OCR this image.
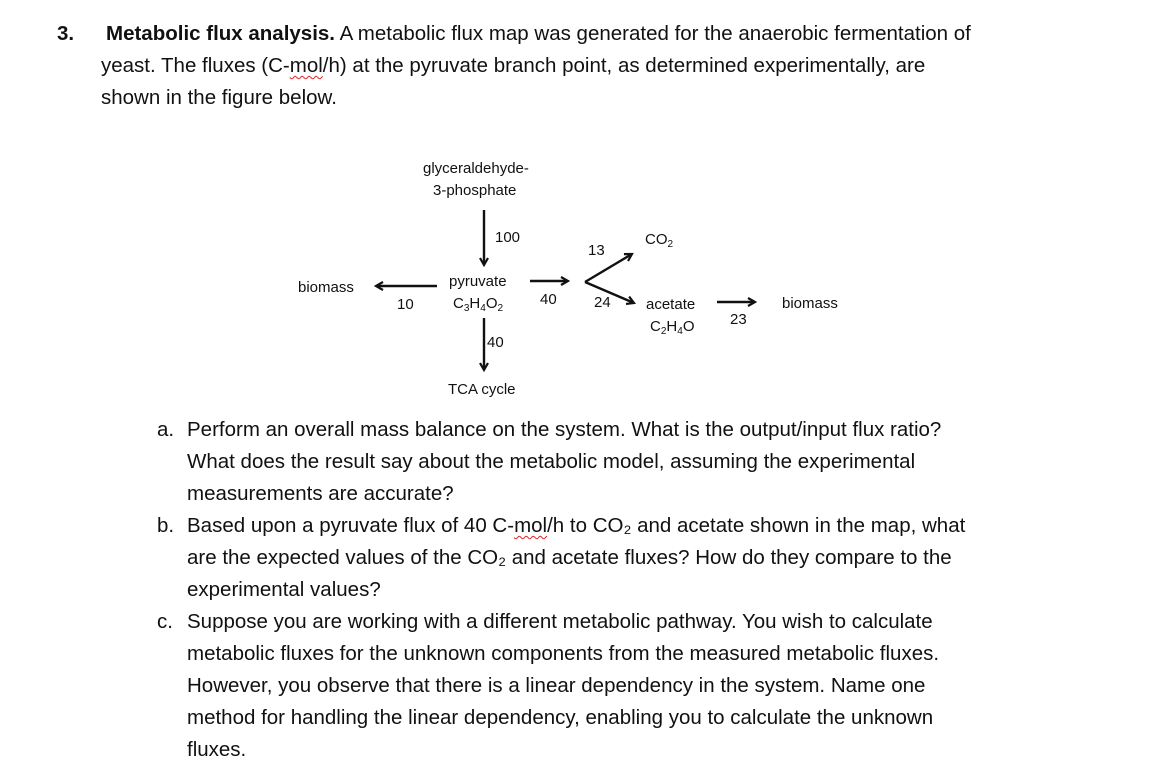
3. Metabolic flux analysis. A metabolic flux map was generated for the anaerobic fermentation of
yeast. The fluxes (C-mol/h) at the pyruvate branch point, as determined experimentally, are
shown in the figure below.
glyceraldehyde-
3-phosphate
100
biomass
10
pyruvate
$C_3H_4O_2$
40
13
$CO_2$
24 acetate
$C_2H_4O$ 23
biomass
40
TCA cycle
a. Perform an overall mass balance on the system. What is the output/input flux ratio?
What does the result say about the metabolic model, assuming the experimental
measurements are accurate?
b. Based upon a pyruvate flux of 40 C-mol/h to CO₂ and acetate shown in the map, what
are the expected values of the CO₂ and acetate fluxes? How do they compare to the
experimental values?
c. Suppose you are working with a different metabolic pathway. You wish to calculate
metabolic fluxes for the unknown components from the measured metabolic fluxes.
However, you observe that there is a linear dependency in the system. Name one
method for handling the linear dependency, enabling you to calculate the unknown
fluxes.
